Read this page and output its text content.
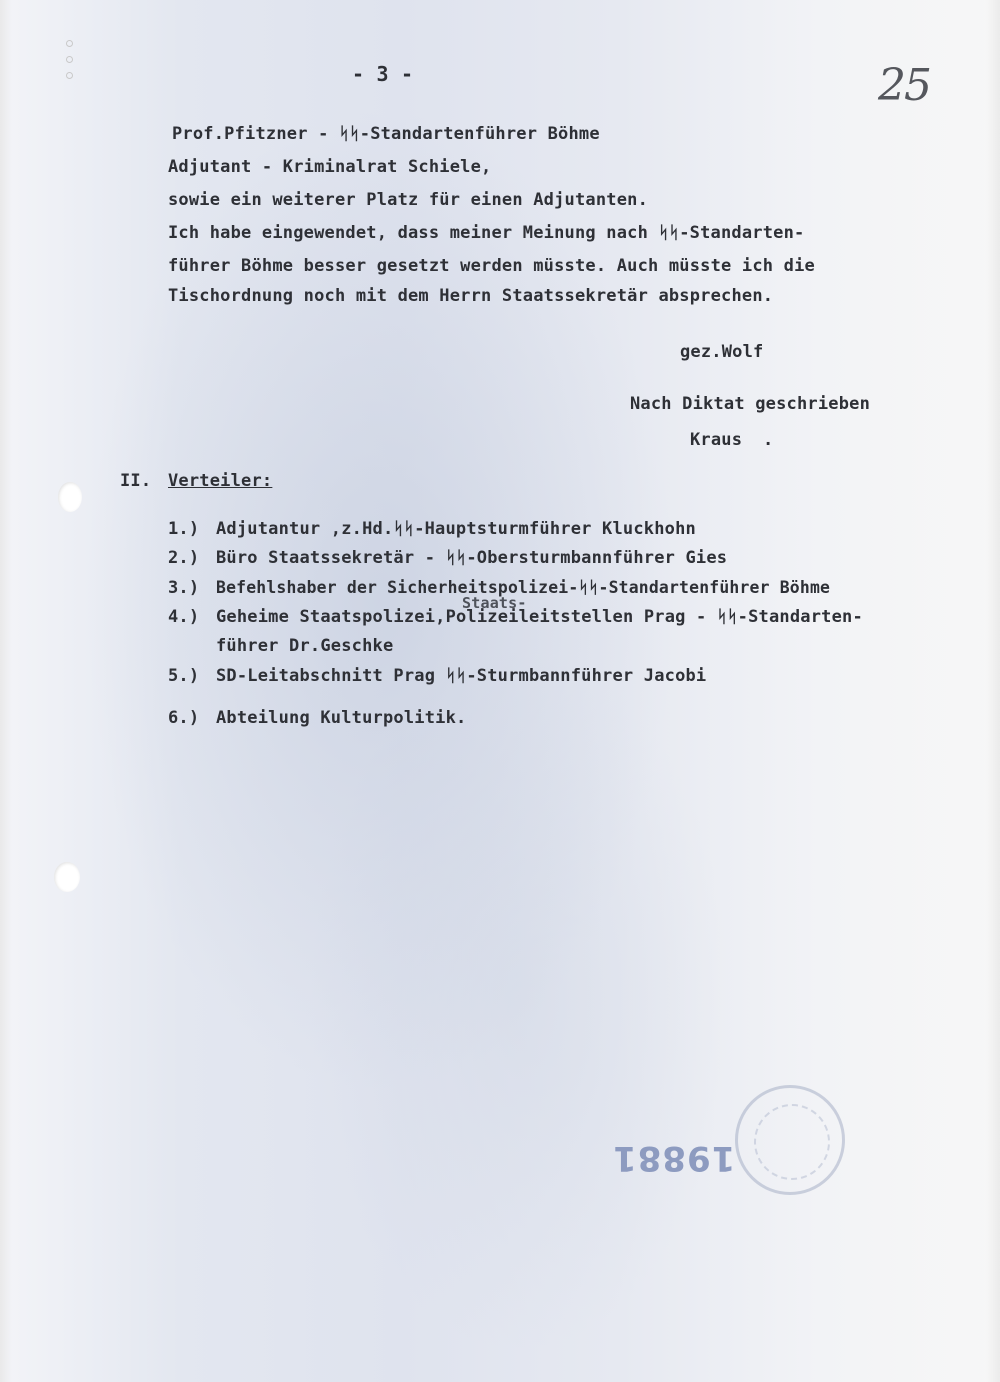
- 3 -	25
Prof.Pfitzner - ᛋᛋ-Standartenführer Böhme
Adjutant - Kriminalrat Schiele,
sowie ein weiterer Platz für einen Adjutanten.
Ich habe eingewendet, dass meiner Meinung nach ᛋᛋ-Standarten-
führer Böhme besser gesetzt werden müsste. Auch müsste ich die
Tischordnung noch mit dem Herrn Staatssekretär absprechen.
gez.Wolf
Nach Diktat geschrieben
Kraus  .
II. Verteiler:
1.) Adjutantur ,z.Hd.ᛋᛋ-Hauptsturmführer Kluckhohn
2.) Büro Staatssekretär - ᛋᛋ-Obersturmbannführer Gies
3.) Befehlshaber der Sicherheitspolizei-ᛋᛋ-Standartenführer Böhme
Staats-
4.) Geheime Staatspolizei,Polizeileitstellen Prag - ᛋᛋ-Standarten-
führer Dr.Geschke
5.) SD-Leitabschnitt Prag ᛋᛋ-Sturmbannführer Jacobi
6.) Abteilung Kulturpolitik.
19881
